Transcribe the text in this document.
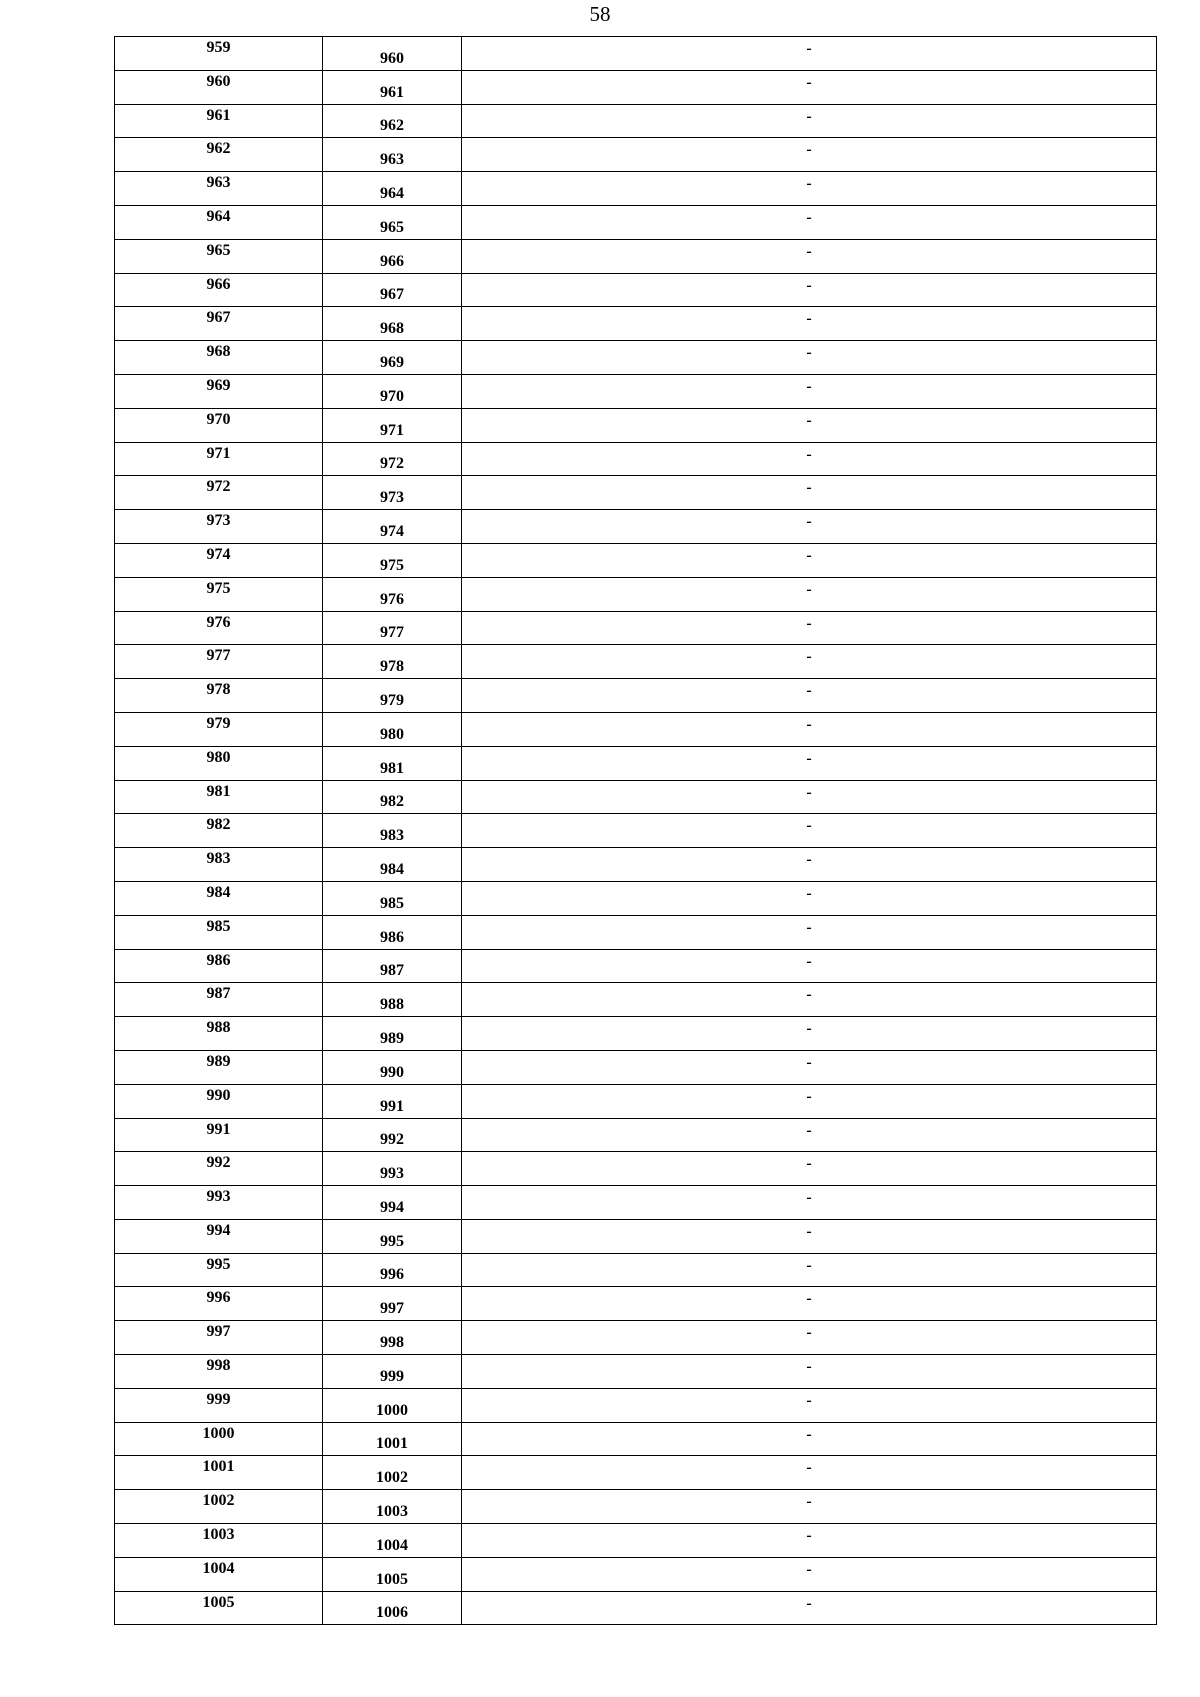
58
959	960	-

960	961	-

961	962	-

962	963	-

963	964	-

964	965	-

965	966	-

966	967	-

967	968	-

968	969	-

969	970	-

970	971	-

971	972	-

972	973	-

973	974	-

974	975	-

975	976	-

976	977	-

977	978	-

978	979	-

979	980	-

980	981	-

981	982	-

982	983	-

983	984	-

984	985	-

985	986	-

986	987	-

987	988	-

988	989	-

989	990	-

990	991	-

991	992	-

992	993	-

993	994	-

994	995	-

995	996	-

996	997	-

997	998	-

998	999	-

999	1000	-

1000	1001	-

1001	1002	-

1002	1003	-

1003	1004	-

1004	1005	-

1005	1006	-
